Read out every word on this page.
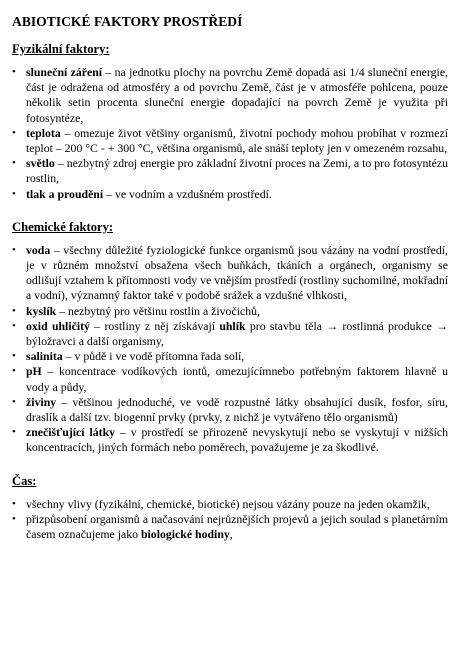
ABIOTICKÉ FAKTORY PROSTŘEDÍ
Fyzikální faktory:
• sluneční záření – na jednotku plochy na povrchu Země dopadá asi 1/4 sluneční energie, část je odražena od atmosféry a od povrchu Země, část je v atmosféře pohlcena, pouze několik setin procenta sluneční energie dopadající na povrch Země je využita při fotosyntéze,
• teplota – omezuje život většiny organismů, životní pochody mohou probíhat v rozmezí teplot – 200 °C - + 300 °C, většina organismů, ale snáší teploty jen v omezeném rozsahu,
• světlo – nezbytný zdroj energie pro základní životní proces na Zemi, a to pro fotosyntézu rostlin,
• tlak a proudění – ve vodním a vzdušném prostředí.
Chemické faktory:
• voda – všechny důležité fyziologické funkce organismů jsou vázány na vodní prostředí, je v různém množství obsažena všech buňkách, tkáních a orgánech, organismy se odlišují vztahem k přítomnosti vody ve vnějším prostředí (rostliny suchomilné, mokřadní a vodní), významný faktor také v podobě srážek a vzdušné vlhkosti,
• kyslík – nezbytný pro většinu rostlin a živočichů,
• oxid uhličitý – rostliny z něj získávají uhlík pro stavbu těla → rostlinná produkce → býložravci a další organismy,
• salinita – v půdě i ve vodě přítomna řada solí,
• pH – koncentrace vodíkových iontů, omezujícímnebo potřebným faktorem hlavně u vody a půdy,
• živiny – většinou jednoduché, ve vodě rozpustné látky obsahující dusík, fosfor, síru, draslík a další tzv. biogenní prvky (prvky, z nichž je vytvářeno tělo organismů)
• znečišťující látky – v prostředí se přirozeně nevyskytují nebo se vyskytují v nižších koncentracích, jiných formách nebo poměrech, považujeme je za škodlivé.
Čas:
• všechny vlivy (fyzikální, chemické, biotické) nejsou vázány pouze na jeden okamžik,
• přizpůsobení organismů a načasování nejrůznějších projevů a jejich soulad s planetárním časem označujeme jako biologické hodiny,
